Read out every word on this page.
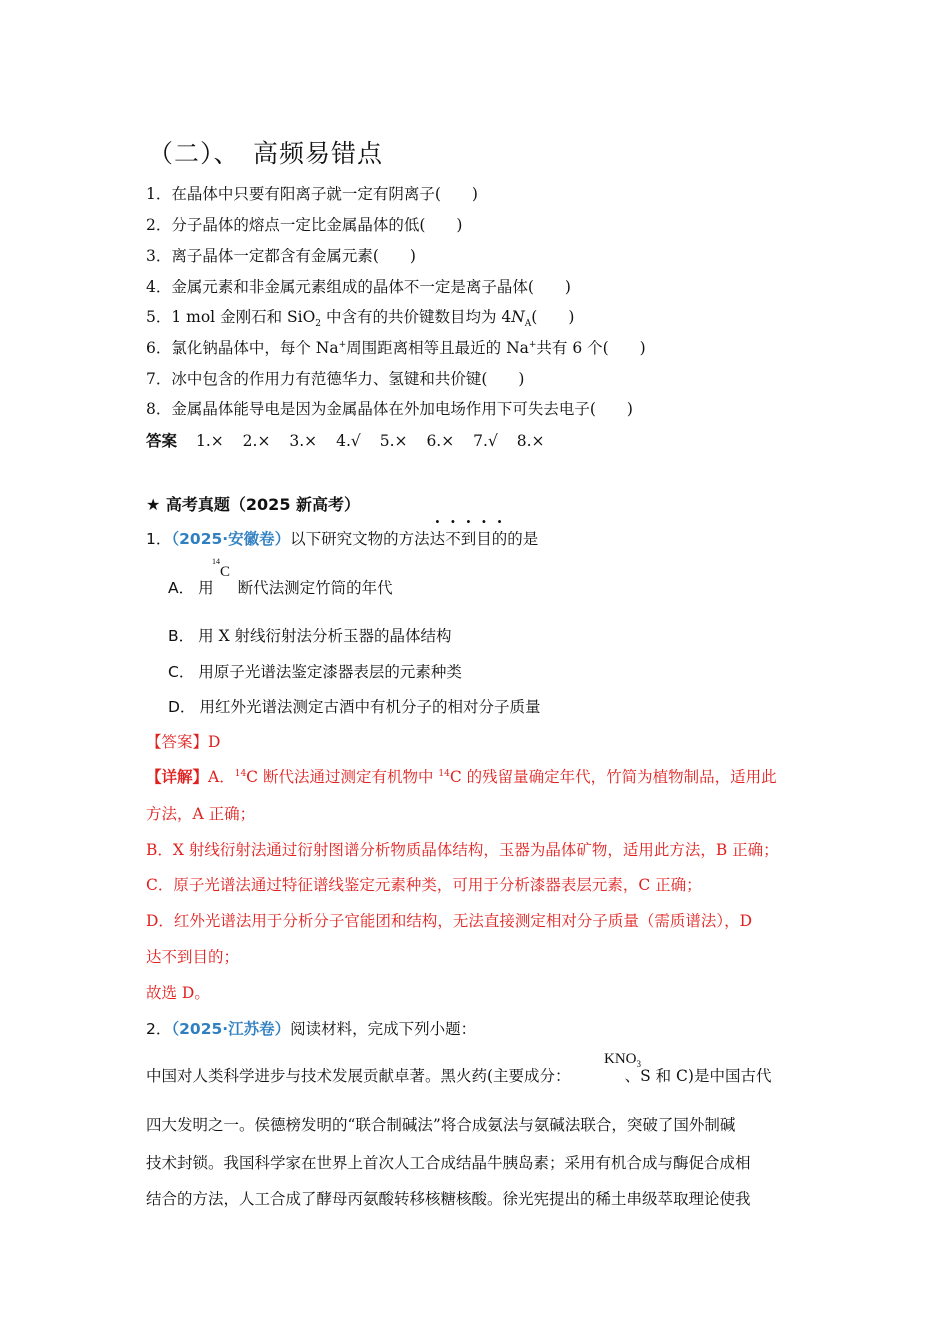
（二）、　高频易错点
1．在晶体中只要有阳离子就一定有阴离子(　　)
2．分子晶体的熔点一定比金属晶体的低(　　)
3．离子晶体一定都含有金属元素(　　)
4．金属元素和非金属元素组成的晶体不一定是离子晶体(　　)
5．1 mol 金刚石和 SiO$_2$ 中含有的共价键数目均为 $4N_A$(　　)
6．氯化钠晶体中，每个 Na+周围距离相等且最近的 Na+共有 6 个(　　)
7．冰中包含的作用力有范德华力、氢键和共价键(　　)
8．金属晶体能导电是因为金属晶体在外加电场作用下可失去电子(　　)
答案 1.× 2.× 3.× 4.√ 5.× 6.× 7.√ 8.×
★ 高考真题（2025 新高考）
1．（2025·安徽卷）以下研究文物的方法达不到目的的是
A． 用 断代法测定竹筒的年代
$^{14}$C
B． 用 X 射线衍射法分析玉器的晶体结构
C． 用原子光谱法鉴定漆器表层的元素种类
D． 用红外光谱法测定古酒中有机分子的相对分子质量
【答案】D
【详解】A．$^{14}$C 断代法通过测定有机物中 $^{14}$C 的残留量确定年代，竹简为植物制品，适用此
方法，A 正确；
B．X 射线衍射法通过衍射图谱分析物质晶体结构，玉器为晶体矿物，适用此方法，B 正确；
C．原子光谱法通过特征谱线鉴定元素种类，可用于分析漆器表层元素，C 正确；
D．红外光谱法用于分析分子官能团和结构，无法直接测定相对分子质量（需质谱法），D
达不到目的；
故选 D。
2．（2025·江苏卷）阅读材料，完成下列小题：
中国对人类科学进步与技术发展贡献卓著。黑火药(主要成分：	、S 和 C)是中国古代
$KNO_3$
四大发明之一。侯德榜发明的“联合制碱法”将合成氨法与氨碱法联合，突破了国外制碱
技术封锁。我国科学家在世界上首次人工合成结晶牛胰岛素；采用有机合成与酶促合成相
结合的方法，人工合成了酵母丙氨酸转移核糖核酸。徐光宪提出的稀土串级萃取理论使我
